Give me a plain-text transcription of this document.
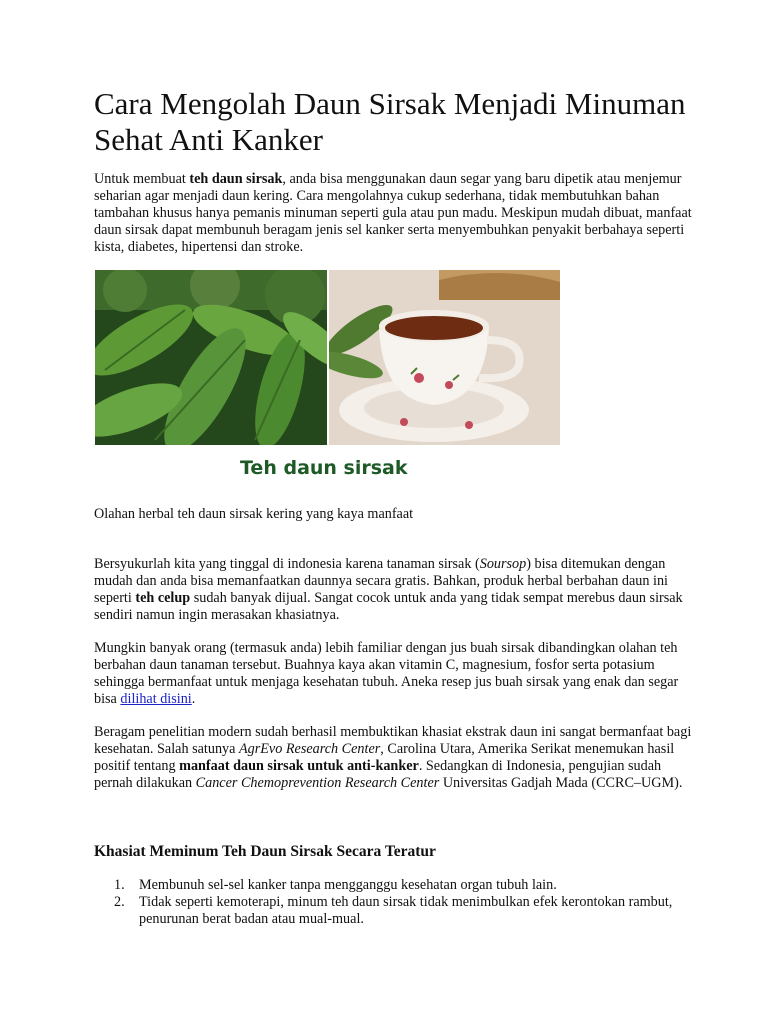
Cara Mengolah Daun Sirsak Menjadi Minuman Sehat Anti Kanker

Untuk membuat teh daun sirsak, anda bisa menggunakan daun segar yang baru dipetik atau menjemur seharian agar menjadi daun kering. Cara mengolahnya cukup sederhana, tidak membutuhkan bahan tambahan khusus hanya pemanis minuman seperti gula atau pun madu. Meskipun mudah dibuat, manfaat daun sirsak dapat membunuh beragam jenis sel kanker serta menyembuhkan penyakit berbahaya seperti kista, diabetes, hipertensi dan stroke.

Teh daun sirsak

Olahan herbal teh daun sirsak kering yang kaya manfaat

Bersyukurlah kita yang tinggal di indonesia karena tanaman sirsak (Soursop) bisa ditemukan dengan mudah dan anda bisa memanfaatkan daunnya secara gratis. Bahkan, produk herbal berbahan daun ini seperti teh celup sudah banyak dijual. Sangat cocok untuk anda yang tidak sempat merebus daun sirsak sendiri namun ingin merasakan khasiatnya.

Mungkin banyak orang (termasuk anda) lebih familiar dengan jus buah sirsak dibandingkan olahan teh berbahan daun tanaman tersebut. Buahnya kaya akan vitamin C, magnesium, fosfor serta potasium sehingga bermanfaat untuk menjaga kesehatan tubuh. Aneka resep jus buah sirsak yang enak dan segar bisa dilihat disini.

Beragam penelitian modern sudah berhasil membuktikan khasiat ekstrak daun ini sangat bermanfaat bagi kesehatan. Salah satunya AgrEvo Research Center, Carolina Utara, Amerika Serikat menemukan hasil positif tentang manfaat daun sirsak untuk anti-kanker. Sedangkan di Indonesia, pengujian sudah pernah dilakukan Cancer Chemoprevention Research Center Universitas Gadjah Mada (CCRC–UGM).

Khasiat Meminum Teh Daun Sirsak Secara Teratur
1. Membunuh sel-sel kanker tanpa mengganggu kesehatan organ tubuh lain.
2. Tidak seperti kemoterapi, minum teh daun sirsak tidak menimbulkan efek kerontokan rambut, penurunan berat badan atau mual-mual.
